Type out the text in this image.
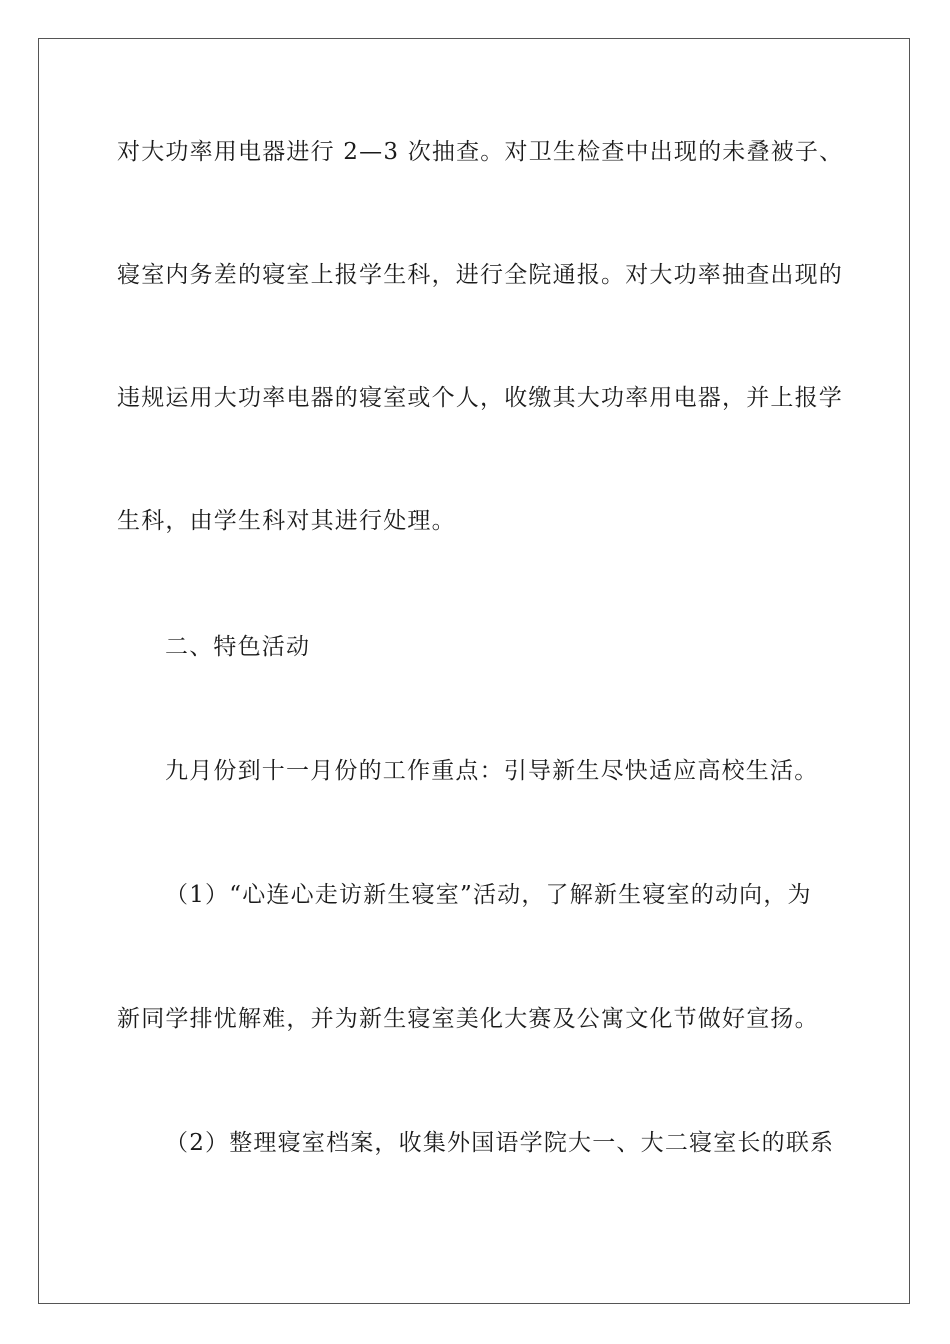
对大功率用电器进行 2—3 次抽查。对卫生检查中出现的未叠被子、
寝室内务差的寝室上报学生科，进行全院通报。对大功率抽查出现的
违规运用大功率电器的寝室或个人，收缴其大功率用电器，并上报学
生科，由学生科对其进行处理。
二、特色活动
九月份到十一月份的工作重点：引导新生尽快适应高校生活。
（1）“心连心走访新生寝室”活动，了解新生寝室的动向，为
新同学排忧解难，并为新生寝室美化大赛及公寓文化节做好宣扬。
（2）整理寝室档案，收集外国语学院大一、大二寝室长的联系
